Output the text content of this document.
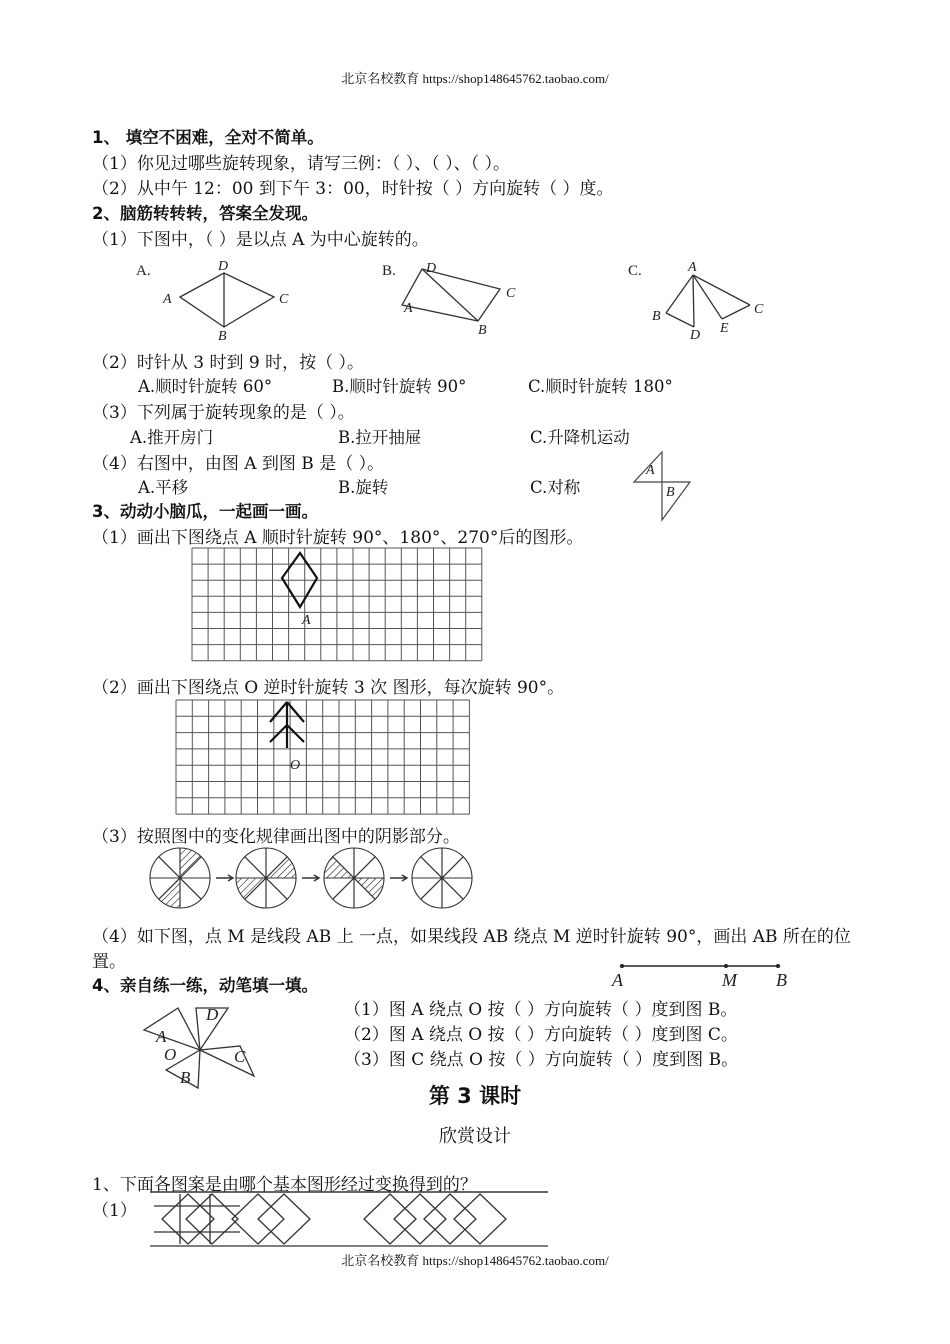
北京名校教育 https://shop148645762.taobao.com/
北京名校教育 https://shop148645762.taobao.com/
1、 填空不困难，全对不简单。
（1）你见过哪些旋转现象，请写三例：（ ）、（ ）、（ ）。
（2）从中午 12：00 到下午 3：00，时针按（ ）方向旋转（ ）度。
2、脑筋转转转，答案全发现。
（1）下图中，（ ）是以点 A 为中心旋转的。
A.	D
A	C
B
B. D
C
A
B
C.	A
B
D E
C
（2）时针从 3 时到 9 时，按（ ）。
A.顺时针旋转 60°	B.顺时针旋转 90°	C.顺时针旋转 180°
（3）下列属于旋转现象的是（ ）。
A.推开房门	B.拉开抽屉	C.升降机运动
（4）右图中，由图 A 到图 B 是（ ）。
A.平移	B.旋转	C.对称
A
B
3、动动小脑瓜，一起画一画。
（1）画出下图绕点 A 顺时针旋转 90°、180°、270°后的图形。
A
（2）画出下图绕点 O 逆时针旋转 3 次 图形，每次旋转 90°。
O
（3）按照图中的变化规律画出图中的阴影部分。
（4）如下图，点 M 是线段 AB 上 一点，如果线段 AB 绕点 M 逆时针旋转 90°，画出 AB 所在的位
置。
A	M B
4、亲自练一练，动笔填一填。
A
D
O	C
B
（1）图 A 绕点 O 按（ ）方向旋转（ ）度到图 B。
（2）图 A 绕点 O 按（ ）方向旋转（ ）度到图 C。
（3）图 C 绕点 O 按（ ）方向旋转（ ）度到图 B。
第 3 课时
欣赏设计
1、下面各图案是由哪个基本图形经过变换得到的？
（1）
